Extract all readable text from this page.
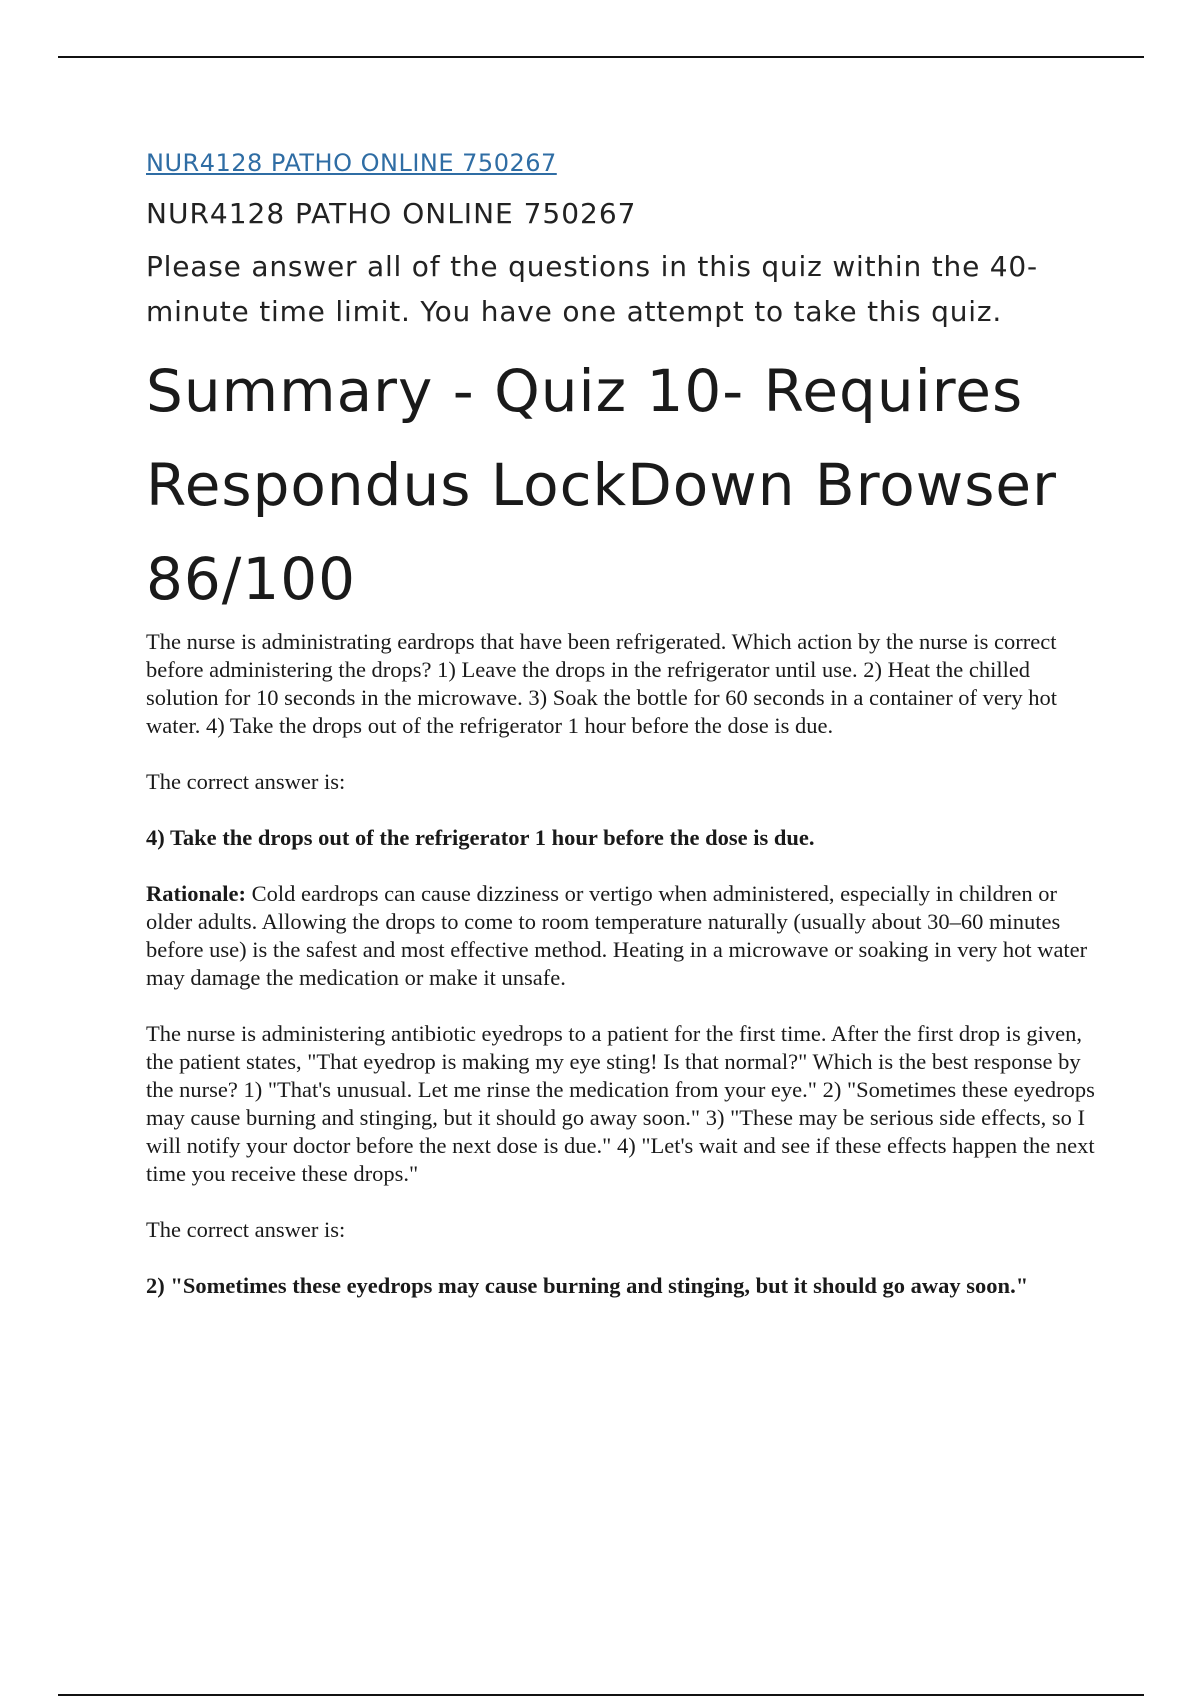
NUR4128 PATHO ONLINE 750267
NUR4128 PATHO ONLINE 750267
Please answer all of the questions in this quiz within the 40-minute time limit. You have one attempt to take this quiz.
Summary - Quiz 10- Requires Respondus LockDown Browser 86/100

The nurse is administrating eardrops that have been refrigerated. Which action by the nurse is correct before administering the drops? 1) Leave the drops in the refrigerator until use. 2) Heat the chilled solution for 10 seconds in the microwave. 3) Soak the bottle for 60 seconds in a container of very hot water. 4) Take the drops out of the refrigerator 1 hour before the dose is due.

The correct answer is:

4) Take the drops out of the refrigerator 1 hour before the dose is due.

Rationale: Cold eardrops can cause dizziness or vertigo when administered, especially in children or older adults. Allowing the drops to come to room temperature naturally (usually about 30–60 minutes before use) is the safest and most effective method. Heating in a microwave or soaking in very hot water may damage the medication or make it unsafe.

The nurse is administering antibiotic eyedrops to a patient for the first time. After the first drop is given, the patient states, "That eyedrop is making my eye sting! Is that normal?" Which is the best response by the nurse? 1) "That's unusual. Let me rinse the medication from your eye." 2) "Sometimes these eyedrops may cause burning and stinging, but it should go away soon." 3) "These may be serious side effects, so I will notify your doctor before the next dose is due." 4) "Let's wait and see if these effects happen the next time you receive these drops."

The correct answer is:

2) "Sometimes these eyedrops may cause burning and stinging, but it should go away soon."
